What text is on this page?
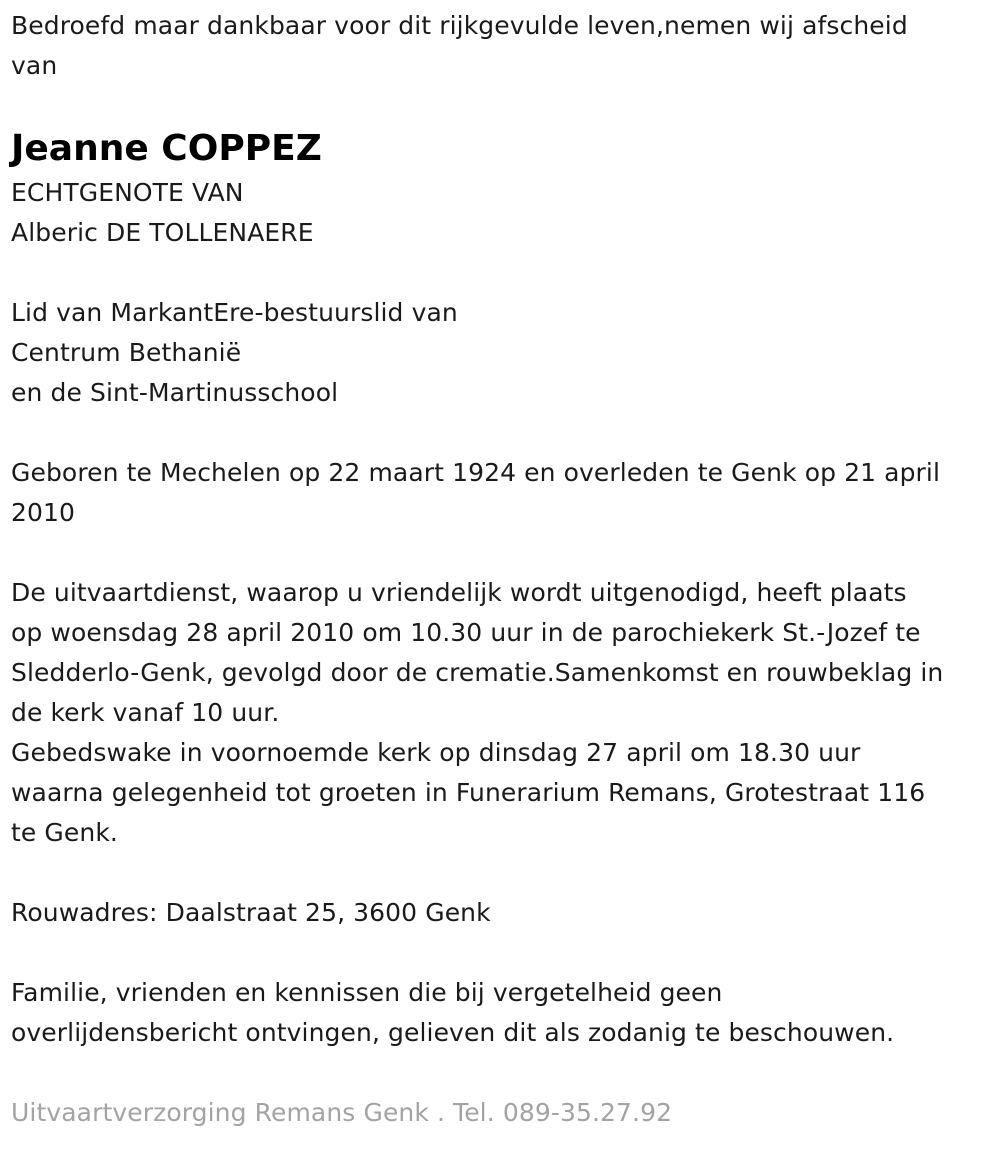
Bedroefd maar dankbaar voor dit rijkgevulde leven,nemen wij afscheid

van

Jeanne COPPEZ

ECHTGENOTE VAN

Alberic DE TOLLENAERE

Lid van MarkantEre-bestuurslid van

Centrum Bethanië

en de Sint-Martinusschool

Geboren te Mechelen op 22 maart 1924 en overleden te Genk op 21 april

2010

De uitvaartdienst, waarop u vriendelijk wordt uitgenodigd, heeft plaats

op woensdag 28 april 2010 om 10.30 uur in de parochiekerk St.-Jozef te

Sledderlo-Genk, gevolgd door de crematie.Samenkomst en rouwbeklag in

de kerk vanaf 10 uur.

Gebedswake in voornoemde kerk op dinsdag 27 april om 18.30 uur

waarna gelegenheid tot groeten in Funerarium Remans, Grotestraat 116

te Genk.

Rouwadres: Daalstraat 25, 3600 Genk

Familie, vrienden en kennissen die bij vergetelheid geen

overlijdensbericht ontvingen, gelieven dit als zodanig te beschouwen.

Uitvaartverzorging Remans Genk . Tel. 089-35.27.92
